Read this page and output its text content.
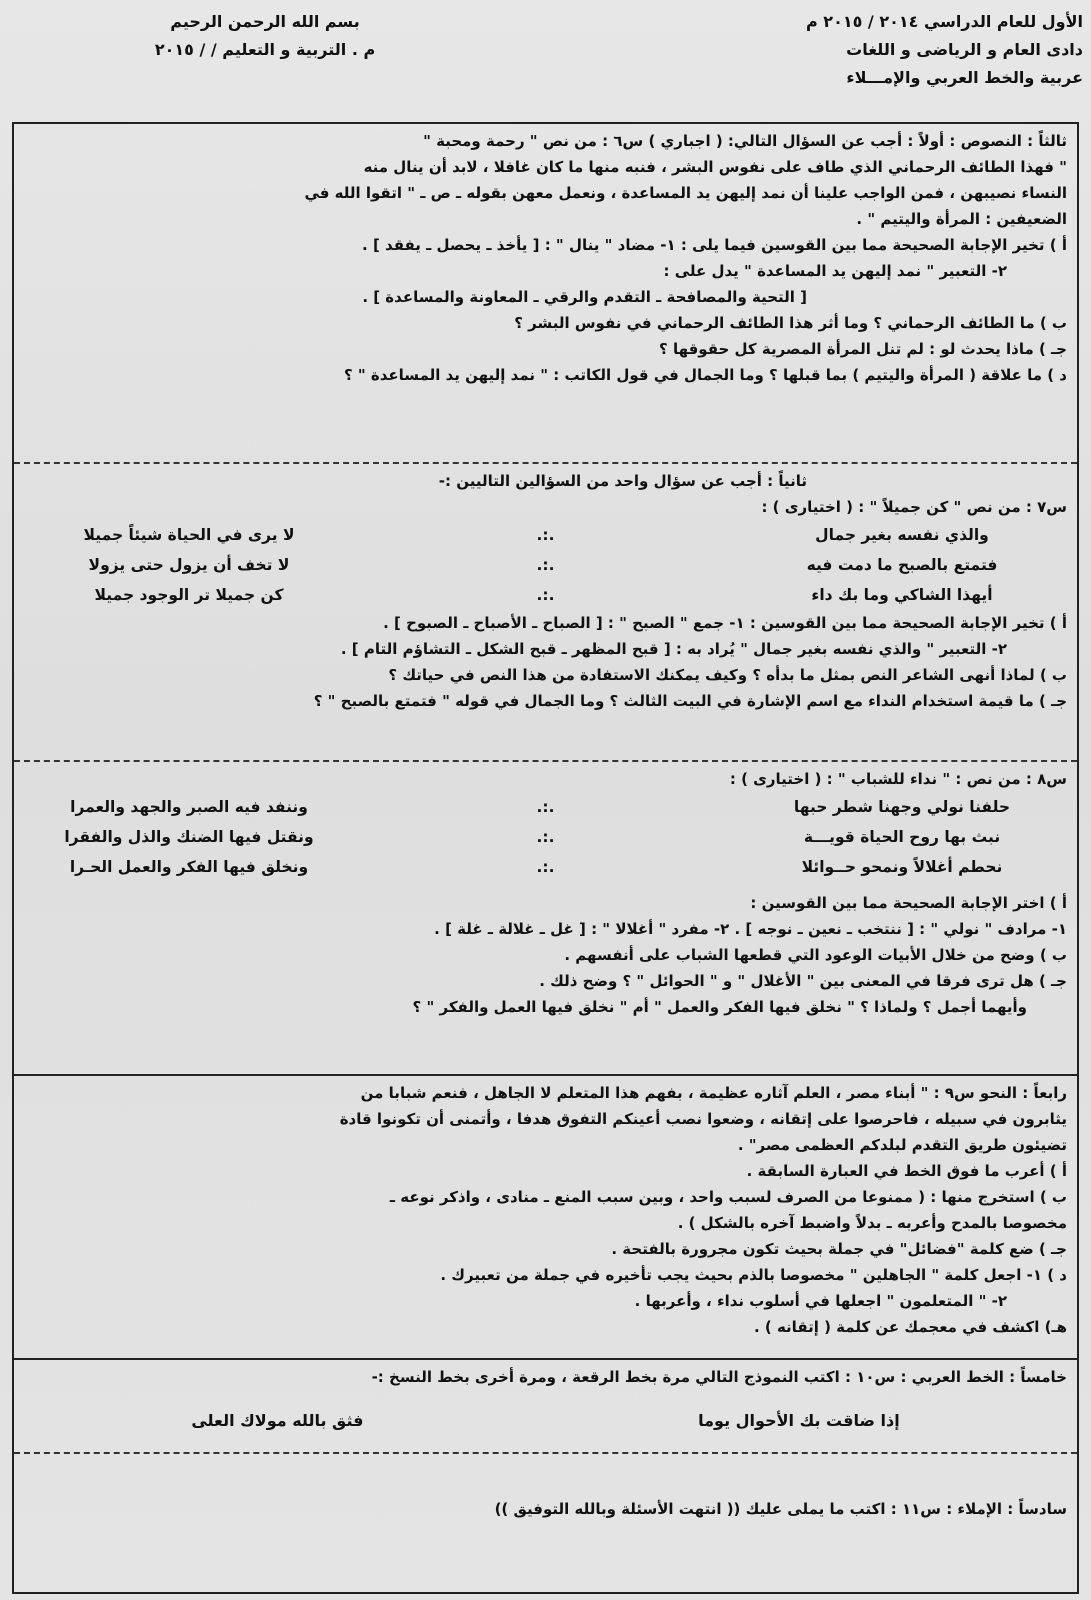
الأول للعام الدراسي ٢٠١٤ / ٢٠١٥ م
دادى العام و الرياضى و اللغات
عربية والخط العربي والإمـــلاء
بسم الله الرحمن الرحيم
م . التربية و التعليم / / ٢٠١٥
ثالثاً : النصوص : أولاً : أجب عن السؤال التالي: ( اجباري ) س٦ : من نص " رحمة ومحبة "
" فهذا الطائف الرحماني الذي طاف على نفوس البشر ، فنبه منها ما كان غافلا ، لابد أن ينال منه
النساء نصيبهن ، فمن الواجب علينا أن نمد إليهن يد المساعدة ، ونعمل معهن بقوله ـ ص ـ " اتقوا الله في
الضعيفين : المرأة واليتيم " .
أ ) تخير الإجابة الصحيحة مما بين القوسين فيما يلى : ١- مضاد " ينال " : [ يأخذ ـ يحصل ـ يفقد ] .
٢- التعبير " نمد إليهن يد المساعدة " يدل على :
[ التحية والمصافحة ـ التقدم والرقي ـ المعاونة والمساعدة ] .
ب ) ما الطائف الرحماني ؟ وما أثر هذا الطائف الرحماني في نفوس البشر ؟
جـ ) ماذا يحدث لو : لم تنل المرأة المصرية كل حقوقها ؟
د ) ما علاقة ( المرأة واليتيم ) بما قبلها ؟ وما الجمال في قول الكاتب : " نمد إليهن يد المساعدة " ؟
ثانياً : أجب عن سؤال واحد من السؤالين التاليين :-
س٧ : من نص " كن جميلاً " : ( اختيارى ) :
والذي نفسه بغير جمال
.:.
لا يرى في الحياة شيئاً جميلا
فتمتع بالصبح ما دمت فيه
.:.
لا تخف أن يزول حتى يزولا
أيهذا الشاكي وما بك داء
.:.
كن جميلا تر الوجود جميلا
أ ) تخير الإجابة الصحيحة مما بين القوسين : ١- جمع " الصبح " : [ الصباح ـ الأصباح ـ الصبوح ] .
٢- التعبير " والذي نفسه بغير جمال " يُراد به : [ قبح المظهر ـ قبح الشكل ـ التشاؤم التام ] .
ب ) لماذا أنهى الشاعر النص بمثل ما بدأه ؟ وكيف يمكنك الاستفادة من هذا النص في حياتك ؟
جـ ) ما قيمة استخدام النداء مع اسم الإشارة في البيت الثالث ؟ وما الجمال في قوله " فتمتع بالصبح " ؟
س٨ : من نص : " نداء للشباب " : ( اختيارى ) :
حلفنا نولي وجهنا شطر حبها
.:.
وننفد فيه الصبر والجهد والعمرا
نبث بها روح الحياة قويـــة
.:.
ونقتل فيها الضنك والذل والفقرا
نحطم أغلالاً ونمحو حــوائلا
.:.
ونخلق فيها الفكر والعمل الحـرا
أ ) اختر الإجابة الصحيحة مما بين القوسين :
١- مرادف " نولي " : [ ننتخب ـ نعين ـ نوجه ] . ٢- مفرد " أغلالا " : [ غل ـ غلالة ـ غلة ] .
ب ) وضح من خلال الأبيات الوعود التي قطعها الشباب على أنفسهم .
جـ ) هل ترى فرقا في المعنى بين " الأغلال " و " الحوائل " ؟ وضح ذلك .
وأيهما أجمل ؟ ولماذا ؟ " نخلق فيها الفكر والعمل " أم " نخلق فيها العمل والفكر " ؟
رابعاً : النحو س٩ : " أبناء مصر ، العلم آثاره عظيمة ، بفهم هذا المتعلم لا الجاهل ، فنعم شبابا من
يثابرون في سبيله ، فاحرصوا على إتقانه ، وضعوا نصب أعينكم التفوق هدفا ، وأتمنى أن تكونوا قادة
تضيئون طريق التقدم لبلدكم العظمى مصر" .
أ ) أعرب ما فوق الخط في العبارة السابقة .
ب ) استخرج منها : ( ممنوعا من الصرف لسبب واحد ، وبين سبب المنع ـ منادى ، واذكر نوعه ـ
مخصوصا بالمدح وأعربه ـ بدلاً واضبط آخره بالشكل ) .
جـ ) ضع كلمة "فضائل" في جملة بحيث تكون مجرورة بالفتحة .
د ) ١- اجعل كلمة " الجاهلين " مخصوصا بالذم بحيث يجب تأخيره في جملة من تعبيرك .
٢- " المتعلمون " اجعلها في أسلوب نداء ، وأعربها .
هـ) اكشف في معجمك عن كلمة ( إتقانه ) .
خامساً : الخط العربي : س١٠ : اكتب النموذج التالي مرة بخط الرقعة ، ومرة أخرى بخط النسخ :-
إذا ضاقت بك الأحوال يوما
فثق بالله مولاك العلى
سادساً : الإملاء : س١١ : اكتب ما يملى عليك (( انتهت الأسئلة وبالله التوفيق ))
